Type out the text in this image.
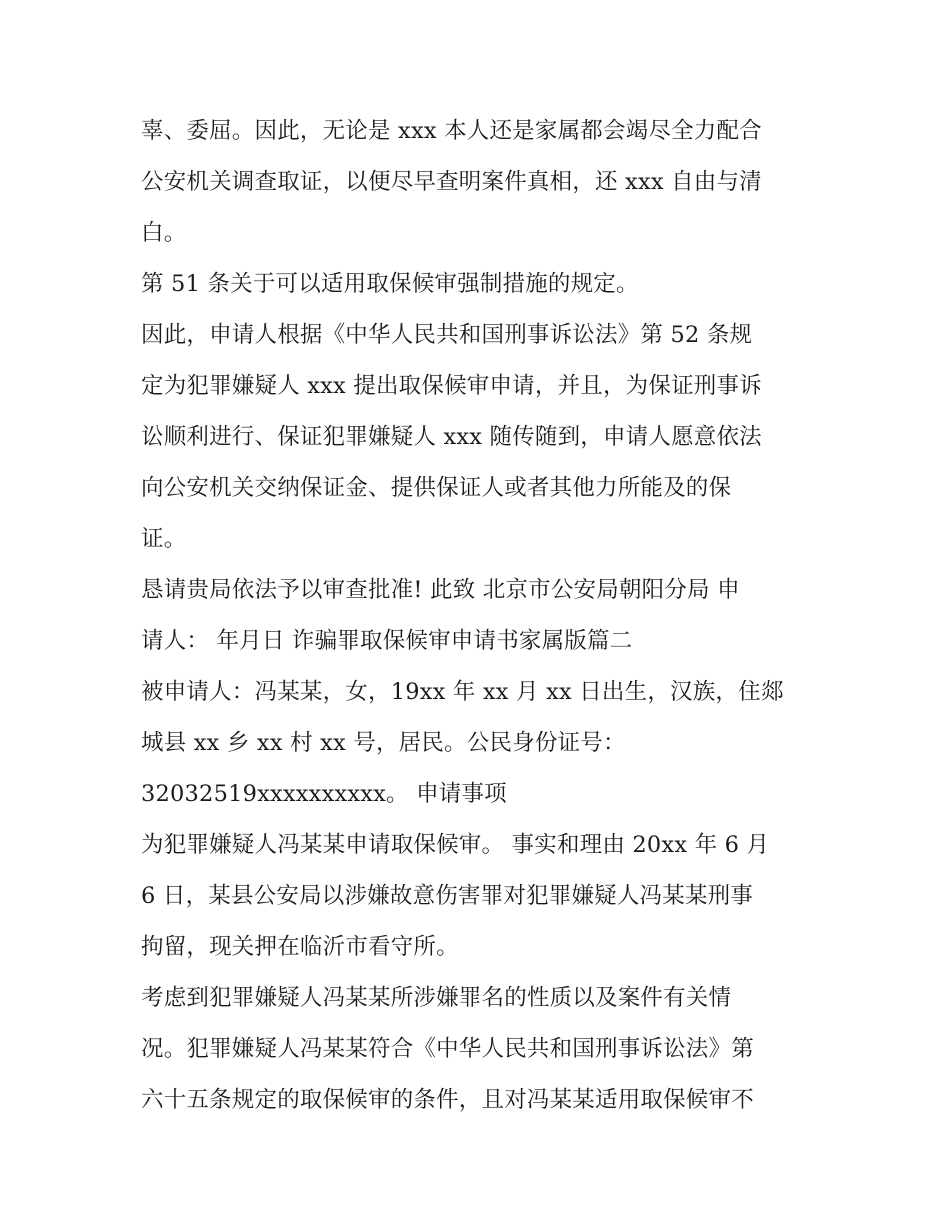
辜、委屈。因此，无论是 xxx 本人还是家属都会竭尽全力配合
公安机关调查取证，以便尽早查明案件真相，还 xxx 自由与清
白。
第 51 条关于可以适用取保候审强制措施的规定。
因此，申请人根据《中华人民共和国刑事诉讼法》第 52 条规
定为犯罪嫌疑人 xxx 提出取保候审申请，并且，为保证刑事诉
讼顺利进行、保证犯罪嫌疑人 xxx 随传随到，申请人愿意依法
向公安机关交纳保证金、提供保证人或者其他力所能及的保
证。
恳请贵局依法予以审查批准! 此致 北京市公安局朝阳分局 申
请人： 年月日 诈骗罪取保候审申请书家属版篇二
被申请人：冯某某，女，19xx 年 xx 月 xx 日出生，汉族，住郯
城县 xx 乡 xx 村 xx 号，居民。公民身份证号：
32032519xxxxxxxxxx。 申请事项
为犯罪嫌疑人冯某某申请取保候审。 事实和理由 20xx 年 6 月
6 日，某县公安局以涉嫌故意伤害罪对犯罪嫌疑人冯某某刑事
拘留，现关押在临沂市看守所。
考虑到犯罪嫌疑人冯某某所涉嫌罪名的性质以及案件有关情
况。犯罪嫌疑人冯某某符合《中华人民共和国刑事诉讼法》第
六十五条规定的取保候审的条件，且对冯某某适用取保候审不
